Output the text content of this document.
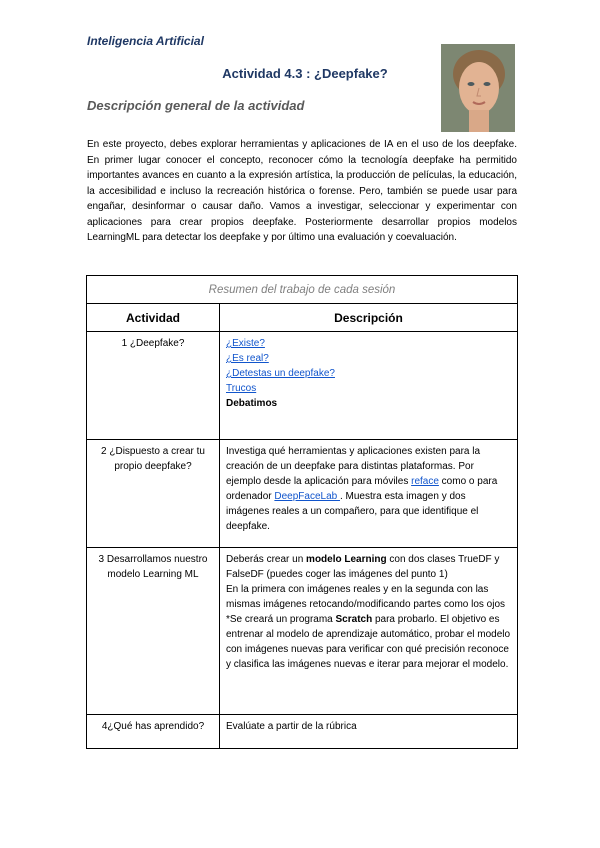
Inteligencia Artificial
Actividad 4.3 : ¿Deepfake?
Descripción general de la actividad

En este proyecto, debes explorar herramientas y aplicaciones de IA en el uso de los deepfake. En primer lugar conocer el concepto, reconocer cómo la tecnología deepfake ha permitido importantes avances en cuanto a la expresión artística, la producción de películas, la educación, la accesibilidad e incluso la recreación histórica o forense. Pero, también se puede usar para engañar, desinformar o causar daño. Vamos a investigar, seleccionar y experimentar con aplicaciones para crear propios deepfake. Posteriormente desarrollar propios modelos LearningML para detectar los deepfake y por último una evaluación y coevaluación.

Resumen del trabajo de cada sesión	
Actividad	Descripción
1 ¿Deepfake?	¿Existe?
¿Es real?
¿Detestas un deepfake?
Trucos
Debatimos

2 ¿Dispuesto a crear tu propio deepfake?	Investiga qué herramientas y aplicaciones existen para la creación de un deepfake para distintas plataformas. Por ejemplo desde la aplicación para móviles reface como o para ordenador DeepFaceLab . Muestra esta imagen y dos imágenes reales a un compañero, para que identifique el deepfake.
3 Desarrollamos nuestro modelo Learning ML	Deberás crear un modelo Learning con dos clases TrueDF y FalseDF (puedes coger las imágenes del punto 1)
En la primera con imágenes reales y en la segunda con las mismas imágenes retocando/modificando partes como los ojos
*Se creará un programa Scratch para probarlo. El objetivo es entrenar al modelo de aprendizaje automático, probar el modelo con imágenes nuevas para verificar con qué precisión reconoce y clasifica las imágenes nuevas e iterar para mejorar el modelo.

4¿Qué has aprendido?	Evalúate a partir de la rúbrica
